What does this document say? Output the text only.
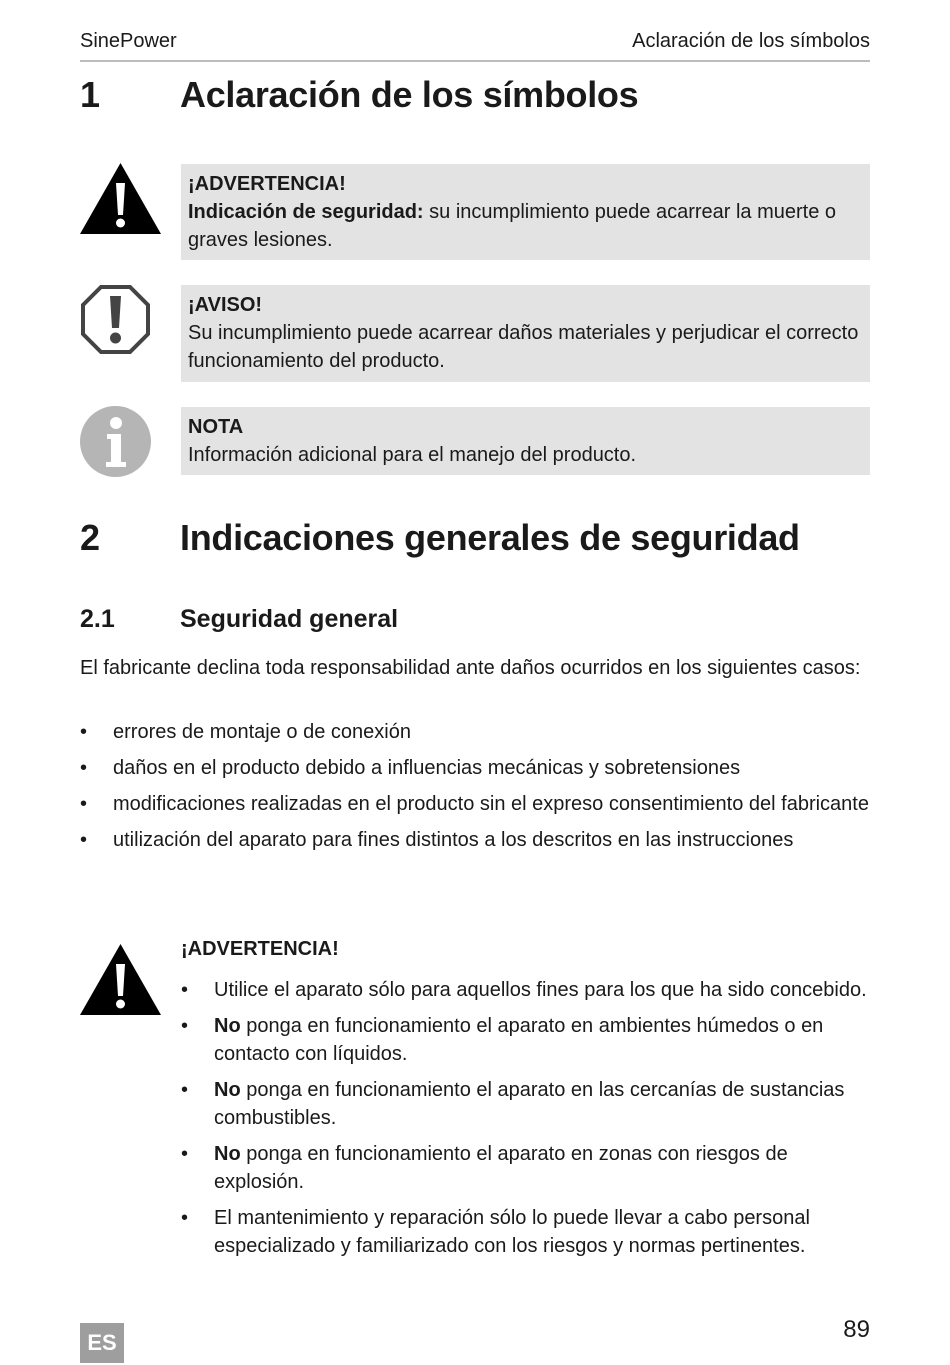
SinePower	Aclaración de los símbolos
1 Aclaración de los símbolos
¡ADVERTENCIA!
Indicación de seguridad: su incumplimiento puede acarrear la muerte o graves lesiones.
¡AVISO!
Su incumplimiento puede acarrear daños materiales y perjudicar el correcto funcionamiento del producto.
NOTA
Información adicional para el manejo del producto.
2 Indicaciones generales de seguridad
2.1	Seguridad general
El fabricante declina toda responsabilidad ante daños ocurridos en los siguientes casos:
• errores de montaje o de conexión
• daños en el producto debido a influencias mecánicas y sobretensiones
• modificaciones realizadas en el producto sin el expreso consentimiento del fabricante
• utilización del aparato para fines distintos a los descritos en las instrucciones
¡ADVERTENCIA!
• Utilice el aparato sólo para aquellos fines para los que ha sido concebido.
• No ponga en funcionamiento el aparato en ambientes húmedos o en contacto con líquidos.
• No ponga en funcionamiento el aparato en las cercanías de sustancias combustibles.
• No ponga en funcionamiento el aparato en zonas con riesgos de explosión.
• El mantenimiento y reparación sólo lo puede llevar a cabo personal especializado y familiarizado con los riesgos y normas pertinentes.
ES	89
